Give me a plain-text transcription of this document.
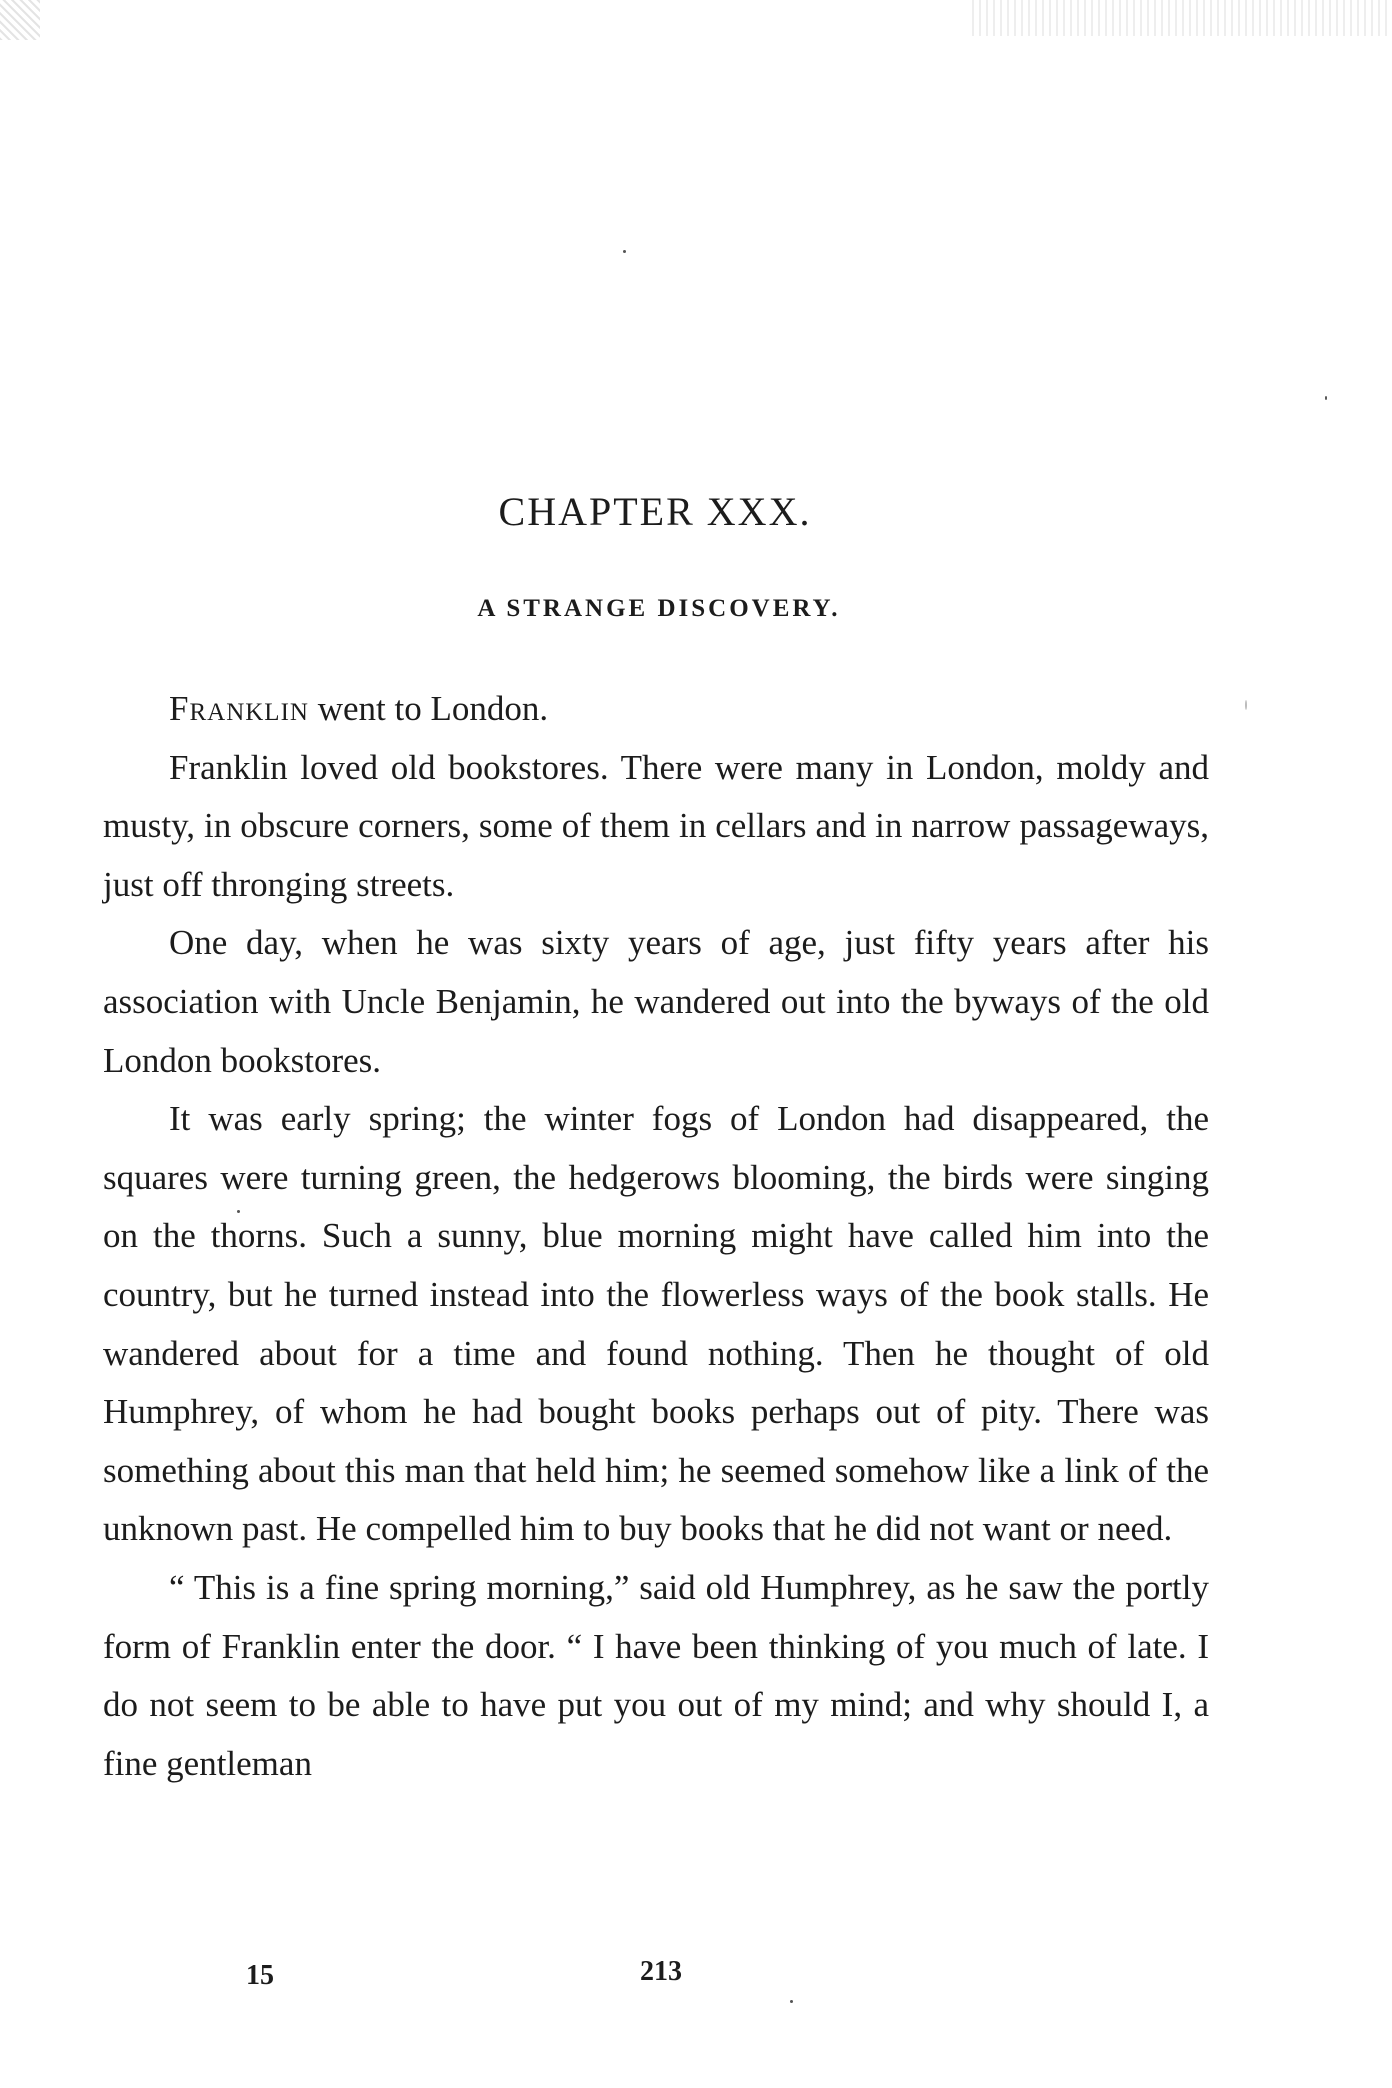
CHAPTER XXX.
A STRANGE DISCOVERY.

Franklin went to London.

Franklin loved old bookstores. There were many in London, moldy and musty, in obscure corners, some of them in cellars and in narrow passageways, just off thronging streets.

One day, when he was sixty years of age, just fifty years after his association with Uncle Benjamin, he wandered out into the byways of the old London bookstores.

It was early spring; the winter fogs of London had disappeared, the squares were turning green, the hedgerows blooming, the birds were singing on the thorns. Such a sunny, blue morning might have called him into the country, but he turned instead into the flowerless ways of the book stalls. He wandered about for a time and found nothing. Then he thought of old Humphrey, of whom he had bought books perhaps out of pity. There was something about this man that held him; he seemed somehow like a link of the unknown past. He compelled him to buy books that he did not want or need.

“ This is a fine spring morning,” said old Humphrey, as he saw the portly form of Franklin enter the door. “ I have been thinking of you much of late. I do not seem to be able to have put you out of my mind; and why should I, a fine gentleman

15	213
